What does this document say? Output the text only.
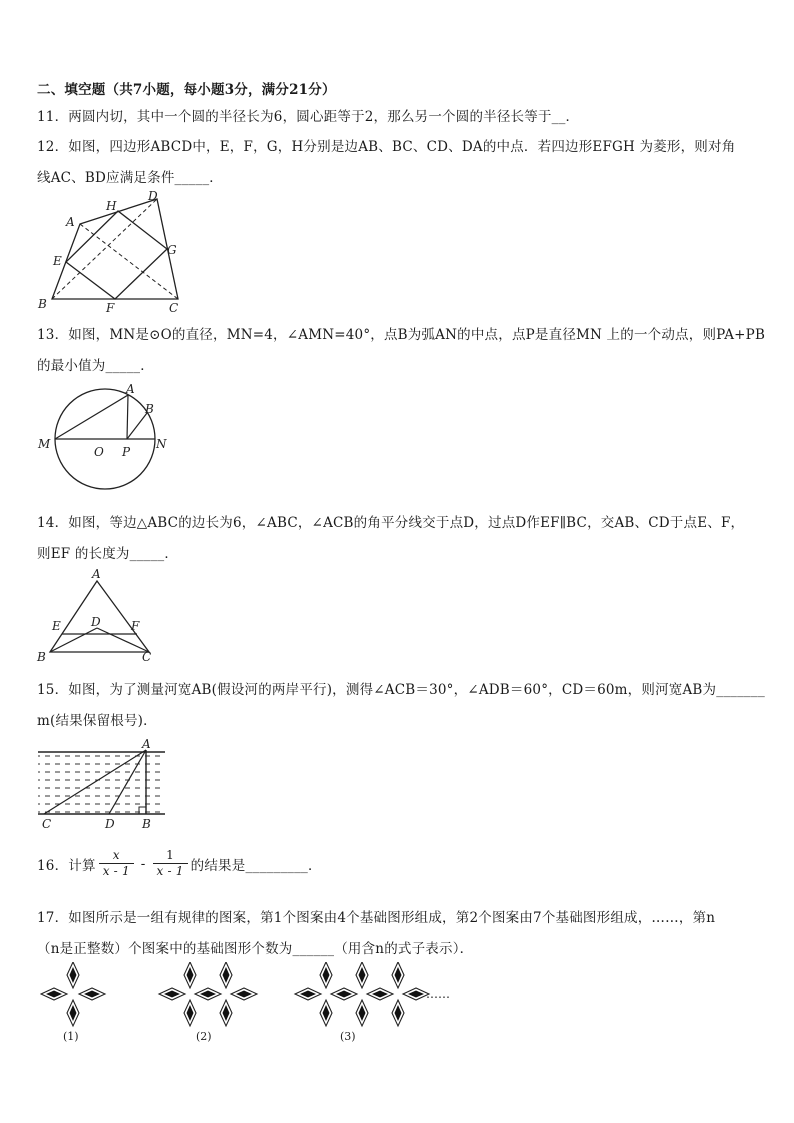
二、填空题（共7小题，每小题3分，满分21分）
11．两圆内切，其中一个圆的半径长为6，圆心距等于2，那么另一个圆的半径长等于__．
12．如图，四边形ABCD中，E，F，G，H分别是边AB、BC、CD、DA的中点．若四边形EFGH 为菱形，则对角
线AC、BD应满足条件_____．
A
H
D
G
E
B	F	C
13．如图，MN是⊙O的直径，MN=4，∠AMN=40°，点B为弧AN的中点，点P是直径MN 上的一个动点，则PA+PB
的最小值为_____．
M
O P
N
A
B
14．如图，等边△ABC的边长为6，∠ABC，∠ACB的角平分线交于点D，过点D作EF∥BC，交AB、CD于点E、F，
则EF 的长度为_____．
A
E	D	F
B	C
15．如图，为了测量河宽AB(假设河的两岸平行)，测得∠ACB＝30°，∠ADB＝60°，CD＝60m，则河宽AB为_______
m(结果保留根号)．
A
C	D B
16．计算 $\frac{x}{x - 1} - \frac{1}{x - 1}$ 的结果是_________．
17．如图所示是一组有规律的图案，第1个图案由4个基础图形组成，第2个图案由7个基础图形组成，……，第n
（n是正整数）个图案中的基础图形个数为______（用含n的式子表示）．
……
(1)	(2)	(3)
